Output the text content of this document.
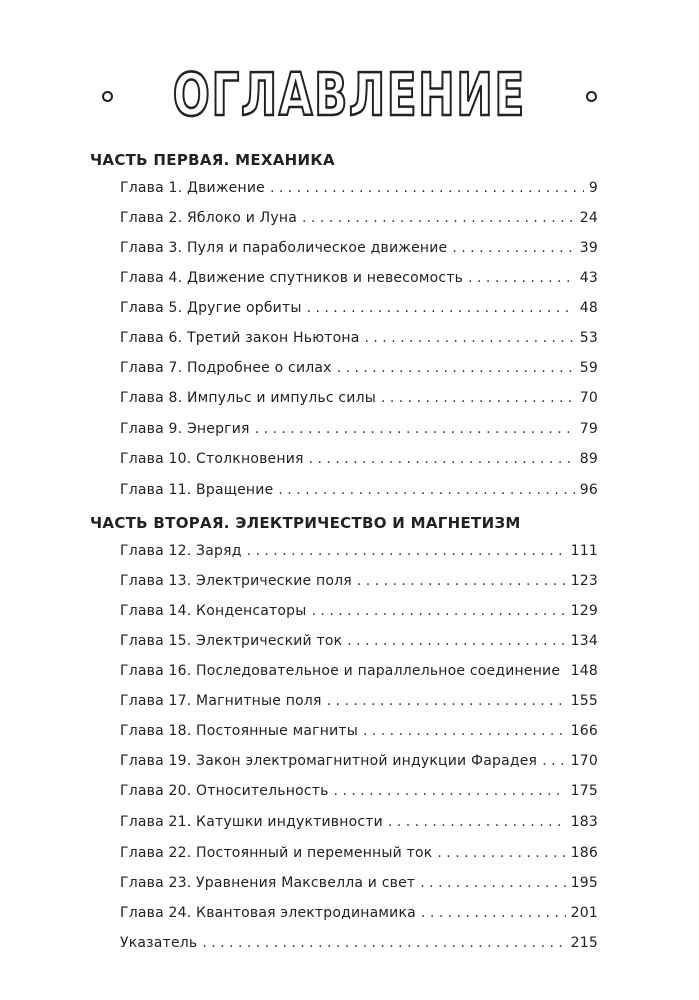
ОГЛАВЛЕНИЕ
ЧАСТЬ ПЕРВАЯ. МЕХАНИКА
Глава 1. Движение . . .	9
Глава 2. Яблоко и Луна . . .	24
Глава 3. Пуля и параболическое движение . . .	39
Глава 4. Движение спутников и невесомость . . .	43
Глава 5. Другие орбиты . . .	48
Глава 6. Третий закон Ньютона . . .	53
Глава 7. Подробнее о силах . . .	59
Глава 8. Импульс и импульс силы . . .	70
Глава 9. Энергия . . .	79
Глава 10. Столкновения . . .	89
Глава 11. Вращение . . .	96
ЧАСТЬ ВТОРАЯ. ЭЛЕКТРИЧЕСТВО И МАГНЕТИЗМ
Глава 12. Заряд . . .	111
Глава 13. Электрические поля . . .	123
Глава 14. Конденсаторы . . .	129
Глава 15. Электрический ток . . .	134
Глава 16. Последовательное и параллельное соединение . . . 148
Глава 17. Магнитные поля . . .	155
Глава 18. Постоянные магниты . . .	166
Глава 19. Закон электромагнитной индукции Фарадея . . . 170
Глава 20. Относительность . . .	175
Глава 21. Катушки индуктивности . . .	183
Глава 22. Постоянный и переменный ток . . .	186
Глава 23. Уравнения Максвелла и свет . . .	195
Глава 24. Квантовая электродинамика . . .	201
Указатель . . .	215
